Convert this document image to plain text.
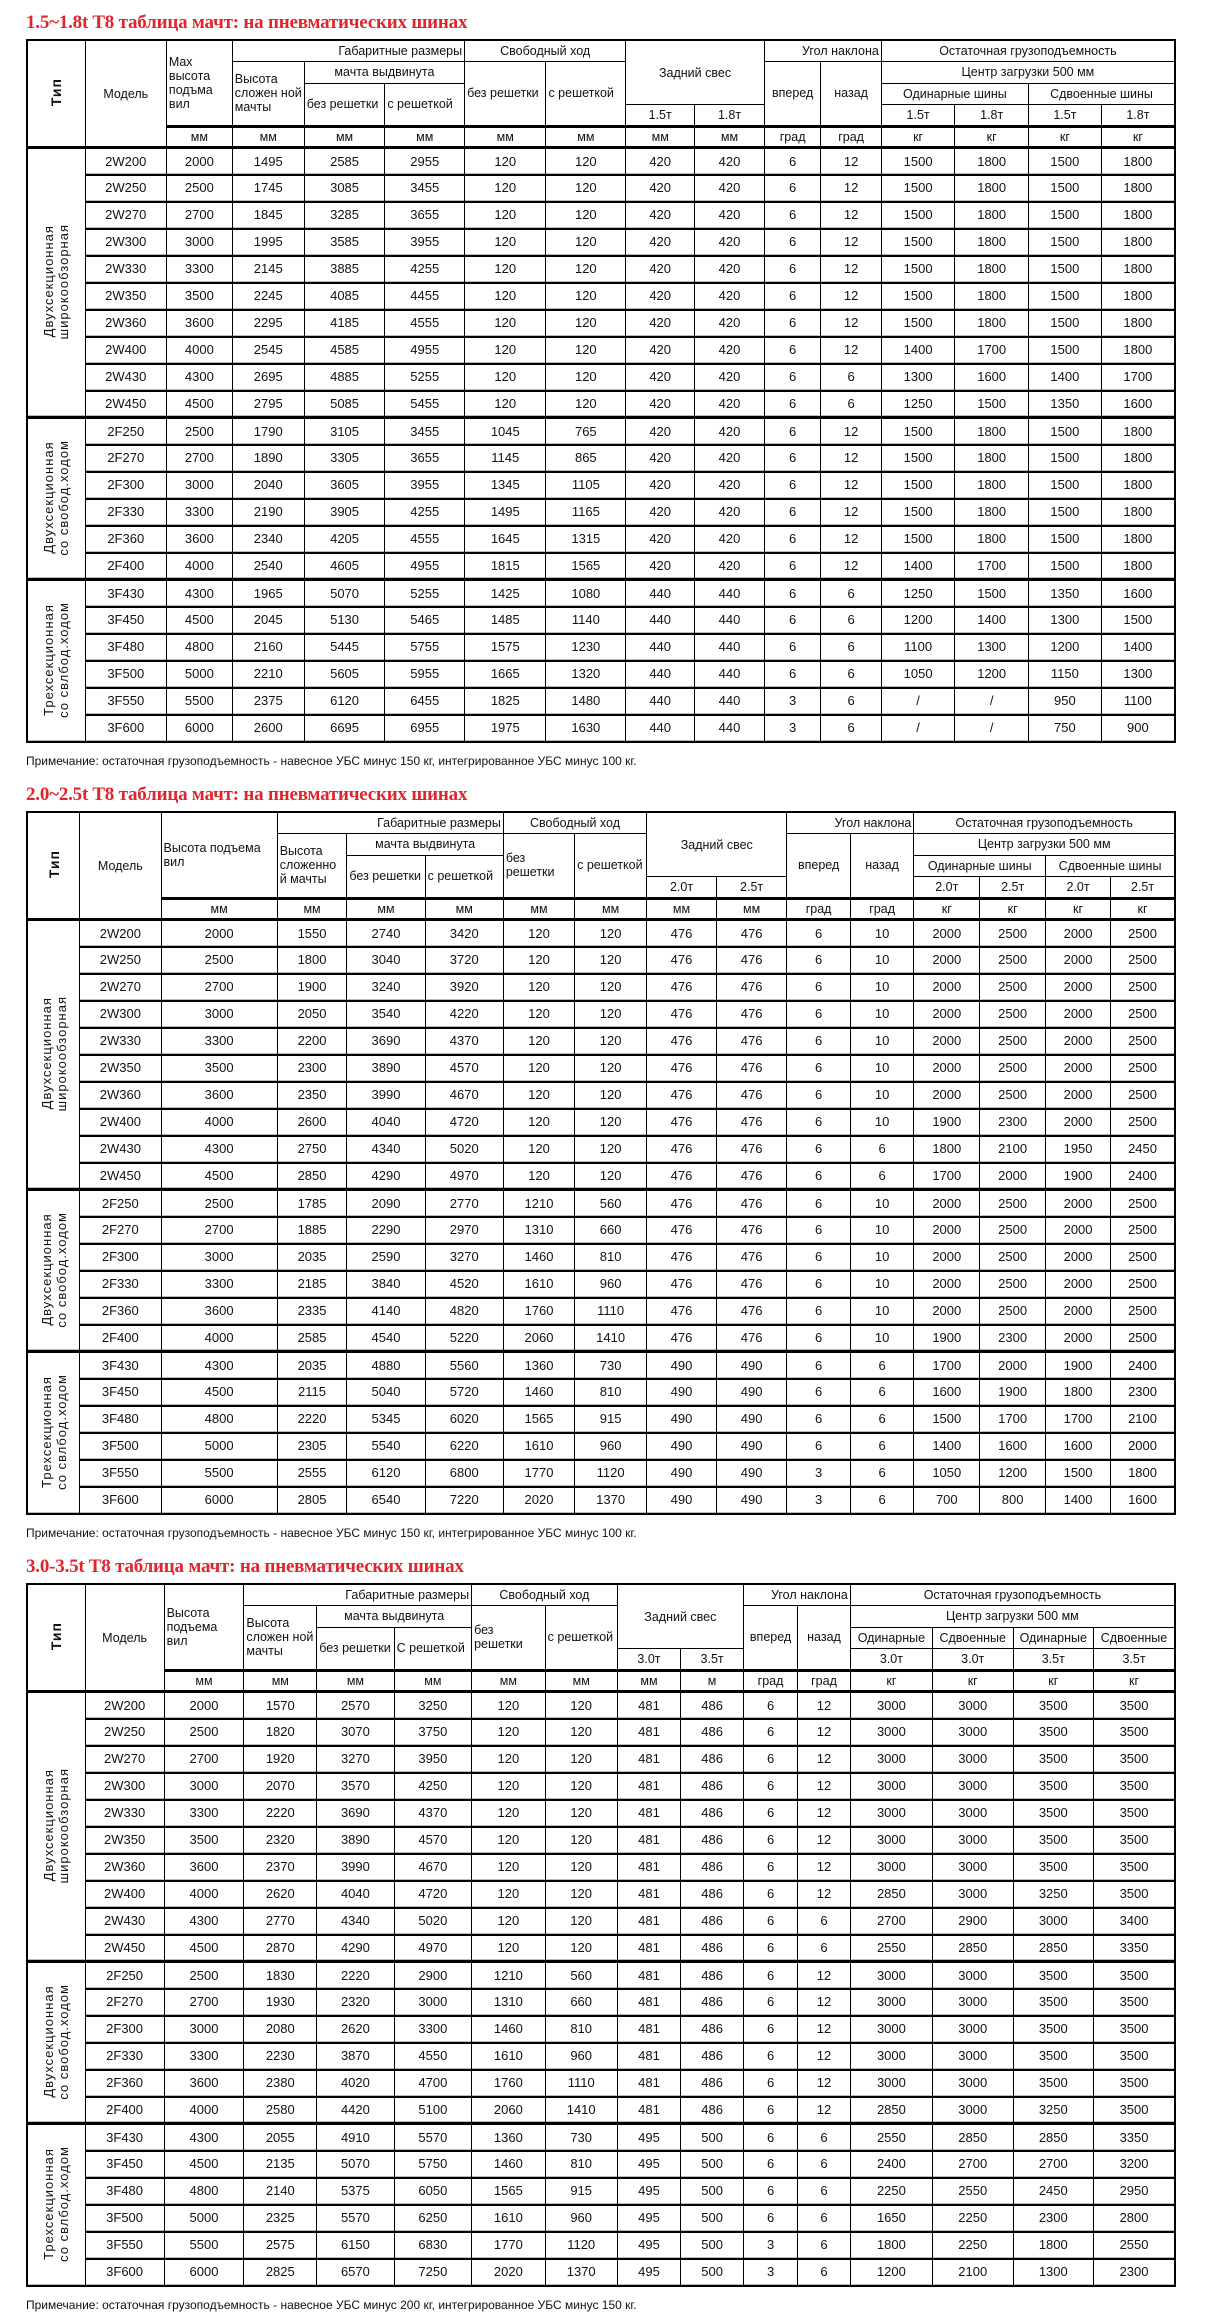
1.5~1.8t T8 таблица мачт: на пневматических шинах
Тип	Модель	Max высота подъма вил	Габаритные размеры			Свободный ход		Задний свес		Угол наклона		Остаточная грузоподъемность			
			Высота сложен ной мачты	мачта выдвинута		без решетки	с решеткой			вперед	назад	Центр загрузки 500 мм			
				без решетки	с решеткой							Одинарные шины		Сдвоенные шины	
								1.5т	1.8т			1.5т	1.8т	1.5т	1.8т
		мм	мм	мм	мм	мм	мм	мм	мм	град	град	кг	кг	кг	кг
Двухсекционная
широкообзорная	2W200	2000	1495	2585	2955	120	120	420	420	6	12	1500	1800	1500	1800
	2W250	2500	1745	3085	3455	120	120	420	420	6	12	1500	1800	1500	1800
	2W270	2700	1845	3285	3655	120	120	420	420	6	12	1500	1800	1500	1800
	2W300	3000	1995	3585	3955	120	120	420	420	6	12	1500	1800	1500	1800
	2W330	3300	2145	3885	4255	120	120	420	420	6	12	1500	1800	1500	1800
	2W350	3500	2245	4085	4455	120	120	420	420	6	12	1500	1800	1500	1800
	2W360	3600	2295	4185	4555	120	120	420	420	6	12	1500	1800	1500	1800
	2W400	4000	2545	4585	4955	120	120	420	420	6	12	1400	1700	1500	1800
	2W430	4300	2695	4885	5255	120	120	420	420	6	6	1300	1600	1400	1700
	2W450	4500	2795	5085	5455	120	120	420	420	6	6	1250	1500	1350	1600
Двухсекционная
со свобод.ходом	2F250	2500	1790	3105	3455	1045	765	420	420	6	12	1500	1800	1500	1800
	2F270	2700	1890	3305	3655	1145	865	420	420	6	12	1500	1800	1500	1800
	2F300	3000	2040	3605	3955	1345	1105	420	420	6	12	1500	1800	1500	1800
	2F330	3300	2190	3905	4255	1495	1165	420	420	6	12	1500	1800	1500	1800
	2F360	3600	2340	4205	4555	1645	1315	420	420	6	12	1500	1800	1500	1800
	2F400	4000	2540	4605	4955	1815	1565	420	420	6	12	1400	1700	1500	1800
Трехсекционная
со свлбод.ходом	3F430	4300	1965	5070	5255	1425	1080	440	440	6	6	1250	1500	1350	1600
	3F450	4500	2045	5130	5465	1485	1140	440	440	6	6	1200	1400	1300	1500
	3F480	4800	2160	5445	5755	1575	1230	440	440	6	6	1100	1300	1200	1400
	3F500	5000	2210	5605	5955	1665	1320	440	440	6	6	1050	1200	1150	1300
	3F550	5500	2375	6120	6455	1825	1480	440	440	3	6	/	/	950	1100
	3F600	6000	2600	6695	6955	1975	1630	440	440	3	6	/	/	750	900
Примечание: остаточная грузоподъемность - навесное УБС минус 150 кг, интегрированное УБС минус 100 кг.
2.0~2.5t T8 таблица мачт: на пневматических шинах
Тип	Модель	Высота подъема вил	Габаритные размеры			Свободный ход		Задний свес		Угол наклона		Остаточная грузоподъемность			
			Высота сложенно й мачты	мачта выдвинута		без решетки	с решеткой			вперед	назад	Центр загрузки 500 мм			
				без решетки	с решеткой							Одинарные шины		Сдвоенные шины	
								2.0т	2.5т			2.0т	2.5т	2.0т	2.5т
		мм	мм	мм	мм	мм	мм	мм	мм	град	град	кг	кг	кг	кг
Двухсекционная
широкообзорная	2W200	2000	1550	2740	3420	120	120	476	476	6	10	2000	2500	2000	2500
	2W250	2500	1800	3040	3720	120	120	476	476	6	10	2000	2500	2000	2500
	2W270	2700	1900	3240	3920	120	120	476	476	6	10	2000	2500	2000	2500
	2W300	3000	2050	3540	4220	120	120	476	476	6	10	2000	2500	2000	2500
	2W330	3300	2200	3690	4370	120	120	476	476	6	10	2000	2500	2000	2500
	2W350	3500	2300	3890	4570	120	120	476	476	6	10	2000	2500	2000	2500
	2W360	3600	2350	3990	4670	120	120	476	476	6	10	2000	2500	2000	2500
	2W400	4000	2600	4040	4720	120	120	476	476	6	10	1900	2300	2000	2500
	2W430	4300	2750	4340	5020	120	120	476	476	6	6	1800	2100	1950	2450
	2W450	4500	2850	4290	4970	120	120	476	476	6	6	1700	2000	1900	2400
Двухсекционная
со свобод.ходом	2F250	2500	1785	2090	2770	1210	560	476	476	6	10	2000	2500	2000	2500
	2F270	2700	1885	2290	2970	1310	660	476	476	6	10	2000	2500	2000	2500
	2F300	3000	2035	2590	3270	1460	810	476	476	6	10	2000	2500	2000	2500
	2F330	3300	2185	3840	4520	1610	960	476	476	6	10	2000	2500	2000	2500
	2F360	3600	2335	4140	4820	1760	1110	476	476	6	10	2000	2500	2000	2500
	2F400	4000	2585	4540	5220	2060	1410	476	476	6	10	1900	2300	2000	2500
Трехсекционная
со свлбод.ходом	3F430	4300	2035	4880	5560	1360	730	490	490	6	6	1700	2000	1900	2400
	3F450	4500	2115	5040	5720	1460	810	490	490	6	6	1600	1900	1800	2300
	3F480	4800	2220	5345	6020	1565	915	490	490	6	6	1500	1700	1700	2100
	3F500	5000	2305	5540	6220	1610	960	490	490	6	6	1400	1600	1600	2000
	3F550	5500	2555	6120	6800	1770	1120	490	490	3	6	1050	1200	1500	1800
	3F600	6000	2805	6540	7220	2020	1370	490	490	3	6	700	800	1400	1600
Примечание: остаточная грузоподъемность - навесное УБС минус 150 кг, интегрированное УБС минус 100 кг.
3.0-3.5t T8 таблица мачт: на пневматических шинах
Тип	Модель	Высота подъема вил	Габаритные размеры			Свободный ход		Задний свес		Угол наклона		Остаточная грузоподъемность			
			Высота сложен ной мачты	мачта выдвинута		без решетки	с решеткой			вперед	назад	Центр загрузки 500 мм			
				без решетки	С решеткой							Одинарные	Сдвоенные	Одинарные	Сдвоенные
								3.0т	3.5т			3.0т	3.0т	3.5т	3.5т
		мм	мм	мм	мм	мм	мм	мм	м	град	град	кг	кг	кг	кг
Двухсекционная
широкообзорная	2W200	2000	1570	2570	3250	120	120	481	486	6	12	3000	3000	3500	3500
	2W250	2500	1820	3070	3750	120	120	481	486	6	12	3000	3000	3500	3500
	2W270	2700	1920	3270	3950	120	120	481	486	6	12	3000	3000	3500	3500
	2W300	3000	2070	3570	4250	120	120	481	486	6	12	3000	3000	3500	3500
	2W330	3300	2220	3690	4370	120	120	481	486	6	12	3000	3000	3500	3500
	2W350	3500	2320	3890	4570	120	120	481	486	6	12	3000	3000	3500	3500
	2W360	3600	2370	3990	4670	120	120	481	486	6	12	3000	3000	3500	3500
	2W400	4000	2620	4040	4720	120	120	481	486	6	12	2850	3000	3250	3500
	2W430	4300	2770	4340	5020	120	120	481	486	6	6	2700	2900	3000	3400
	2W450	4500	2870	4290	4970	120	120	481	486	6	6	2550	2850	2850	3350
Двухсекционная
со свобод.ходом	2F250	2500	1830	2220	2900	1210	560	481	486	6	12	3000	3000	3500	3500
	2F270	2700	1930	2320	3000	1310	660	481	486	6	12	3000	3000	3500	3500
	2F300	3000	2080	2620	3300	1460	810	481	486	6	12	3000	3000	3500	3500
	2F330	3300	2230	3870	4550	1610	960	481	486	6	12	3000	3000	3500	3500
	2F360	3600	2380	4020	4700	1760	1110	481	486	6	12	3000	3000	3500	3500
	2F400	4000	2580	4420	5100	2060	1410	481	486	6	12	2850	3000	3250	3500
Трехсекционная
со свлбод.ходом	3F430	4300	2055	4910	5570	1360	730	495	500	6	6	2550	2850	2850	3350
	3F450	4500	2135	5070	5750	1460	810	495	500	6	6	2400	2700	2700	3200
	3F480	4800	2140	5375	6050	1565	915	495	500	6	6	2250	2550	2450	2950
	3F500	5000	2325	5570	6250	1610	960	495	500	6	6	1650	2250	2300	2800
	3F550	5500	2575	6150	6830	1770	1120	495	500	3	6	1800	2250	1800	2550
	3F600	6000	2825	6570	7250	2020	1370	495	500	3	6	1200	2100	1300	2300
Примечание: остаточная грузоподъемность - навесное УБС минус 200 кг, интегрированное УБС минус 150 кг.
